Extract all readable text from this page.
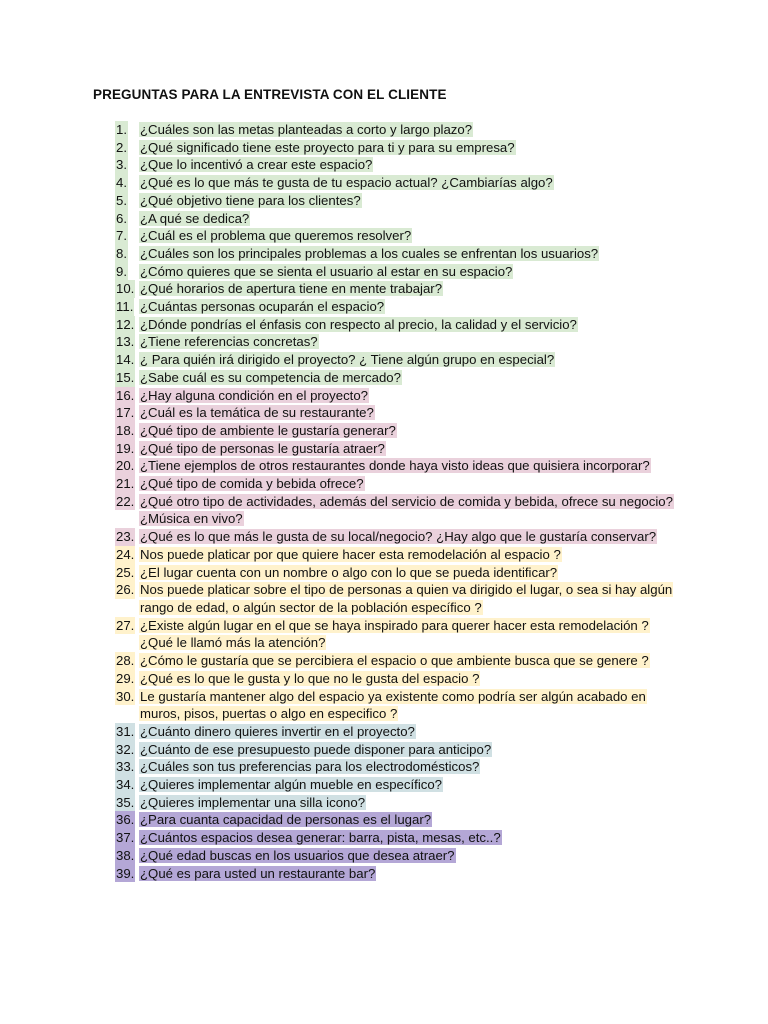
PREGUNTAS PARA LA ENTREVISTA CON EL CLIENTE
1. ¿Cuáles son las metas planteadas a corto y largo plazo?
2. ¿Qué significado tiene este proyecto para ti y para su empresa?
3. ¿Que lo incentivó a crear este espacio?
4. ¿Qué es lo que más te gusta de tu espacio actual? ¿Cambiarías algo?
5. ¿Qué objetivo tiene para los clientes?
6. ¿A qué se dedica?
7. ¿Cuál es el problema que queremos resolver?
8. ¿Cuáles son los principales problemas a los cuales se enfrentan los usuarios?
9. ¿Cómo quieres que se sienta el usuario al estar en su espacio?
10. ¿Qué horarios de apertura tiene en mente trabajar?
11. ¿Cuántas personas ocuparán el espacio?
12. ¿Dónde pondrías el énfasis con respecto al precio, la calidad y el servicio?
13. ¿Tiene referencias concretas?
14. ¿ Para quién irá dirigido el proyecto? ¿ Tiene algún grupo en especial?
15. ¿Sabe cuál es su competencia de mercado?
16. ¿Hay alguna condición en el proyecto?
17. ¿Cuál es la temática de su restaurante?
18. ¿Qué tipo de ambiente le gustaría generar?
19. ¿Qué tipo de personas le gustaría atraer?
20. ¿Tiene ejemplos de otros restaurantes donde haya visto ideas que quisiera incorporar?
21. ¿Qué tipo de comida y bebida ofrece?
22. ¿Qué otro tipo de actividades, además del servicio de comida y bebida, ofrece su negocio? ¿Música en vivo?
23. ¿Qué es lo que más le gusta de su local/negocio? ¿Hay algo que le gustaría conservar?
24. Nos puede platicar por que quiere hacer esta remodelación al espacio ?
25. ¿El lugar cuenta con un nombre o algo con lo que se pueda identificar?
26. Nos puede platicar sobre el tipo de personas a quien va dirigido el lugar, o sea si hay algún rango de edad, o algún sector de la población específico ?
27. ¿Existe algún lugar en el que se haya inspirado para querer hacer esta remodelación ? ¿Qué le llamó más la atención?
28. ¿Cómo le gustaría que se percibiera el espacio o que ambiente busca que se genere ?
29. ¿Qué es lo que le gusta y lo que no le gusta del espacio ?
30. Le gustaría mantener algo del espacio ya existente como podría ser algún acabado en muros, pisos, puertas o algo en especifico ?
31. ¿Cuánto dinero quieres invertir en el proyecto?
32. ¿Cuánto de ese presupuesto puede disponer para anticipo?
33. ¿Cuáles son tus preferencias para los electrodomésticos?
34. ¿Quieres implementar algún mueble en específico?
35. ¿Quieres implementar una silla icono?
36. ¿Para cuanta capacidad de personas es el lugar?
37. ¿Cuántos espacios desea generar: barra, pista, mesas, etc..?
38. ¿Qué edad buscas en los usuarios que desea atraer?
39. ¿Qué es para usted un restaurante bar?
